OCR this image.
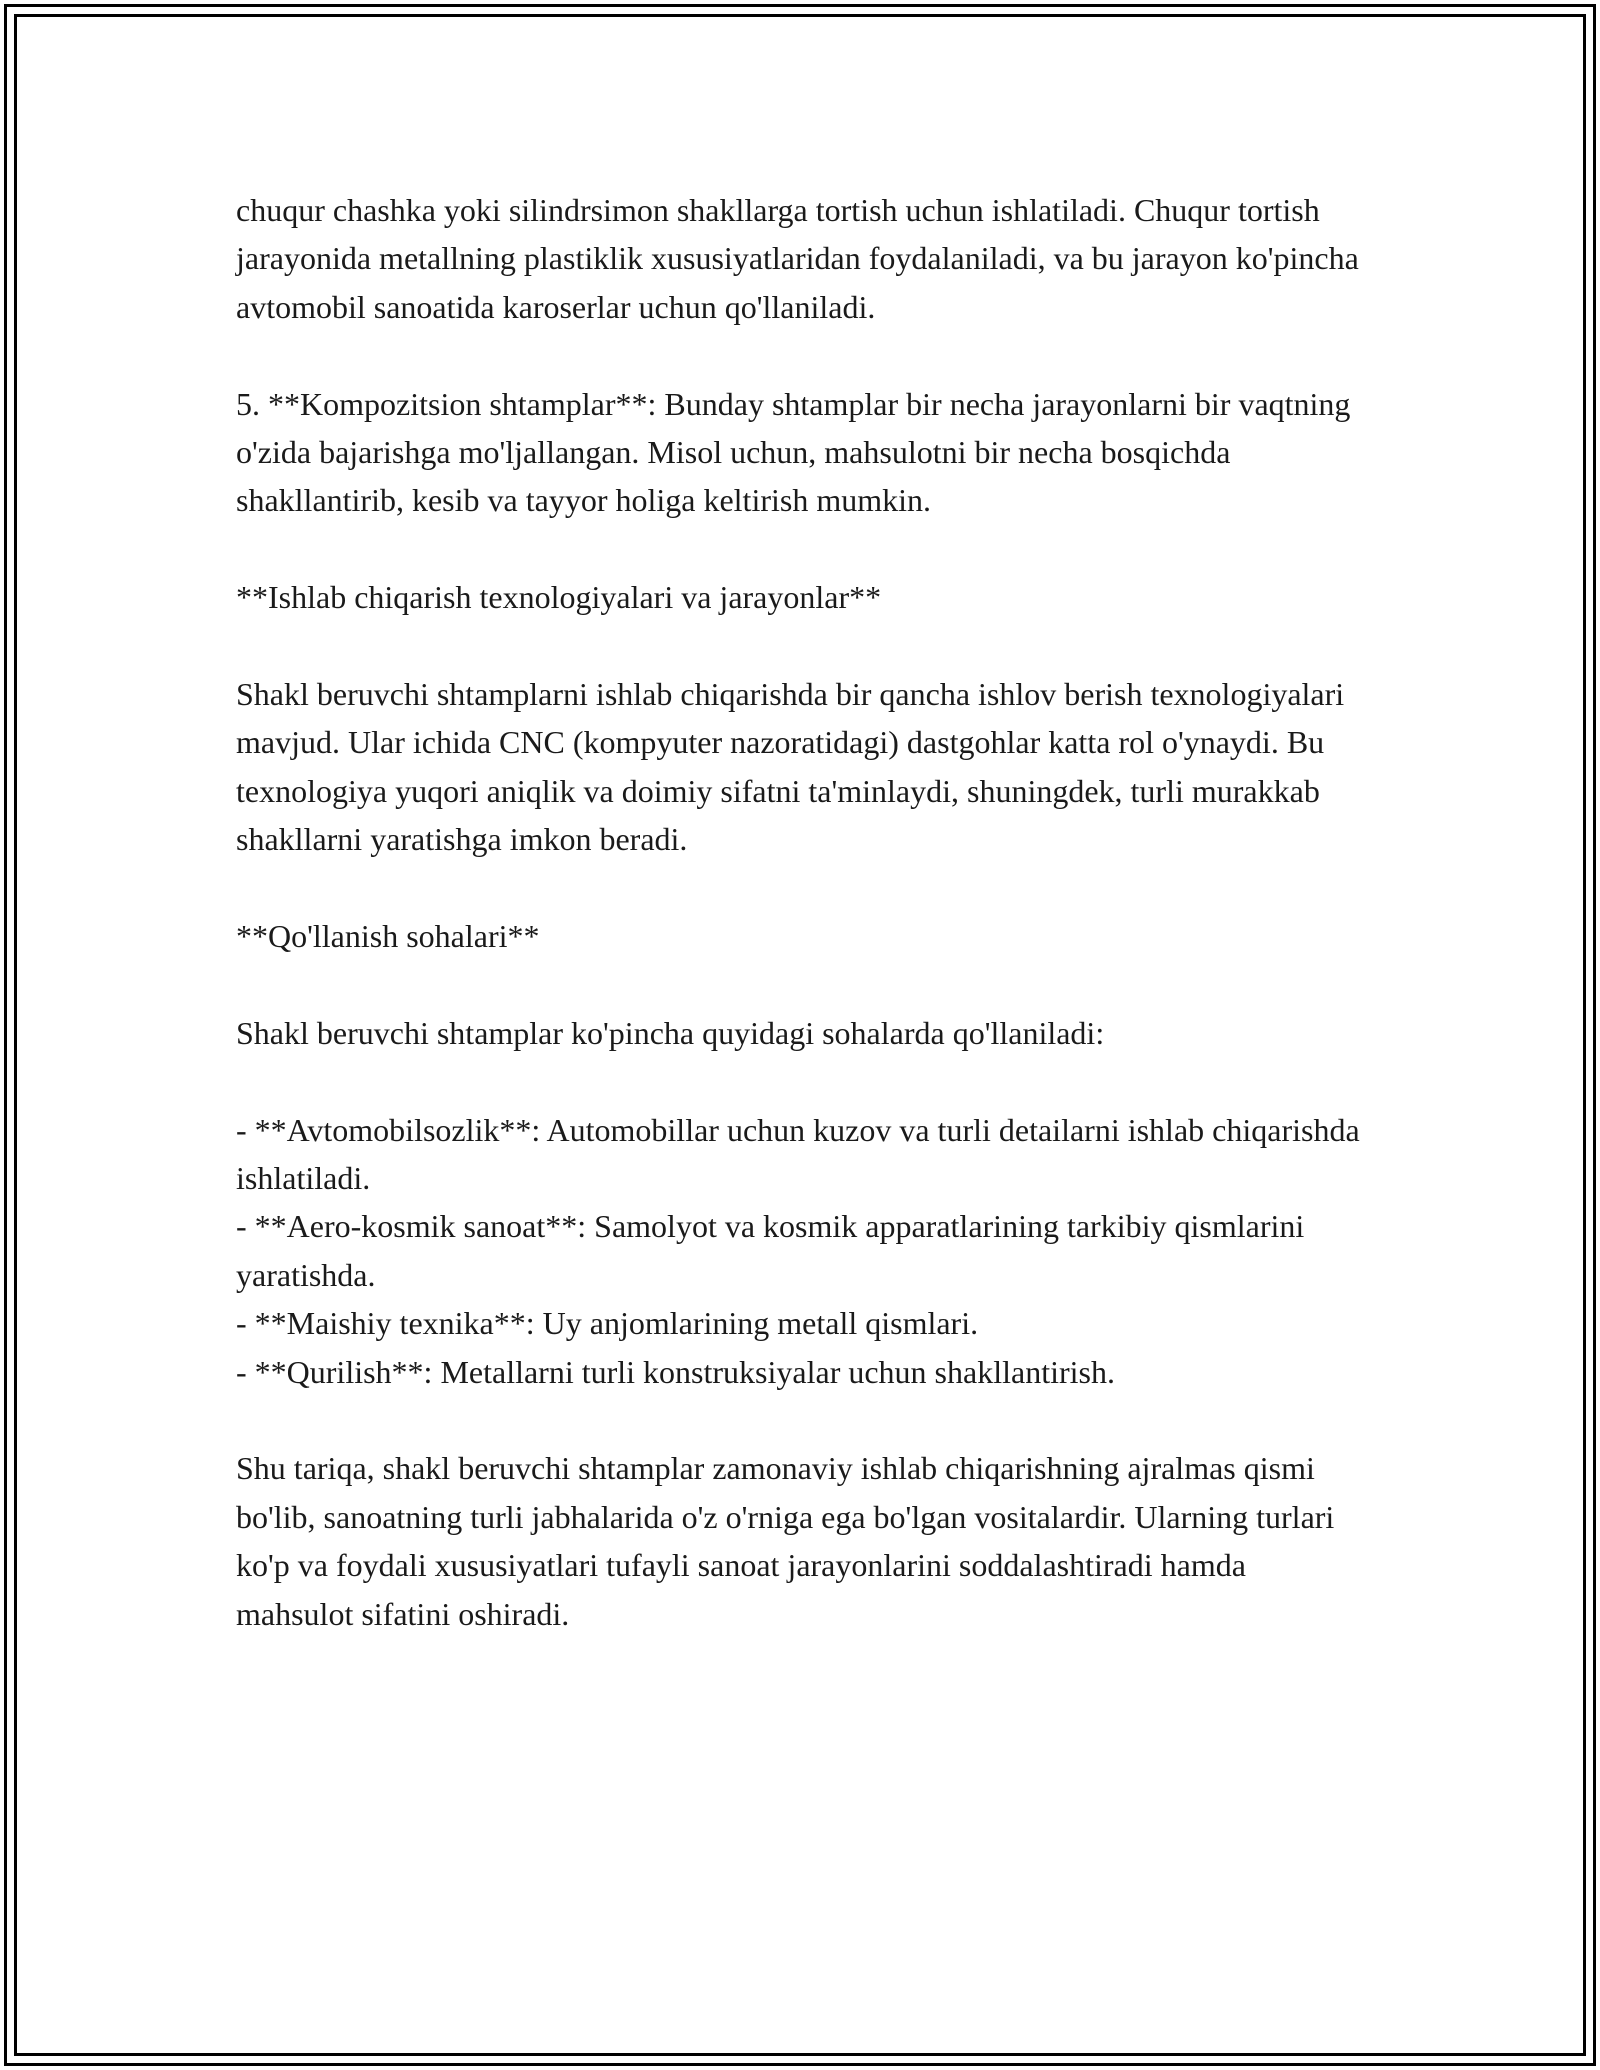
chuqur chashka yoki silindrsimon shakllarga tortish uchun ishlatiladi. Chuqur tortish jarayonida metallning plastiklik xususiyatlaridan foydalaniladi, va bu jarayon ko'pincha avtomobil sanoatida karoserlar uchun qo'llaniladi.

5. **Kompozitsion shtamplar**: Bunday shtamplar bir necha jarayonlarni bir vaqtning o'zida bajarishga mo'ljallangan. Misol uchun, mahsulotni bir necha bosqichda shakllantirib, kesib va tayyor holiga keltirish mumkin.

**Ishlab chiqarish texnologiyalari va jarayonlar**

Shakl beruvchi shtamplarni ishlab chiqarishda bir qancha ishlov berish texnologiyalari mavjud. Ular ichida CNC (kompyuter nazoratidagi) dastgohlar katta rol o'ynaydi. Bu texnologiya yuqori aniqlik va doimiy sifatni ta'minlaydi, shuningdek, turli murakkab shakllarni yaratishga imkon beradi.

**Qo'llanish sohalari**

Shakl beruvchi shtamplar ko'pincha quyidagi sohalarda qo'llaniladi:

- **Avtomobilsozlik**: Automobillar uchun kuzov va turli detailarni ishlab chiqarishda ishlatiladi.
- **Aero-kosmik sanoat**: Samolyot va kosmik apparatlarining tarkibiy qismlarini yaratishda.
- **Maishiy texnika**: Uy anjomlarining metall qismlari.
- **Qurilish**: Metallarni turli konstruksiyalar uchun shakllantirish.

Shu tariqa, shakl beruvchi shtamplar zamonaviy ishlab chiqarishning ajralmas qismi bo'lib, sanoatning turli jabhalarida o'z o'rniga ega bo'lgan vositalardir. Ularning turlari ko'p va foydali xususiyatlari tufayli sanoat jarayonlarini soddalashtiradi hamda mahsulot sifatini oshiradi.
